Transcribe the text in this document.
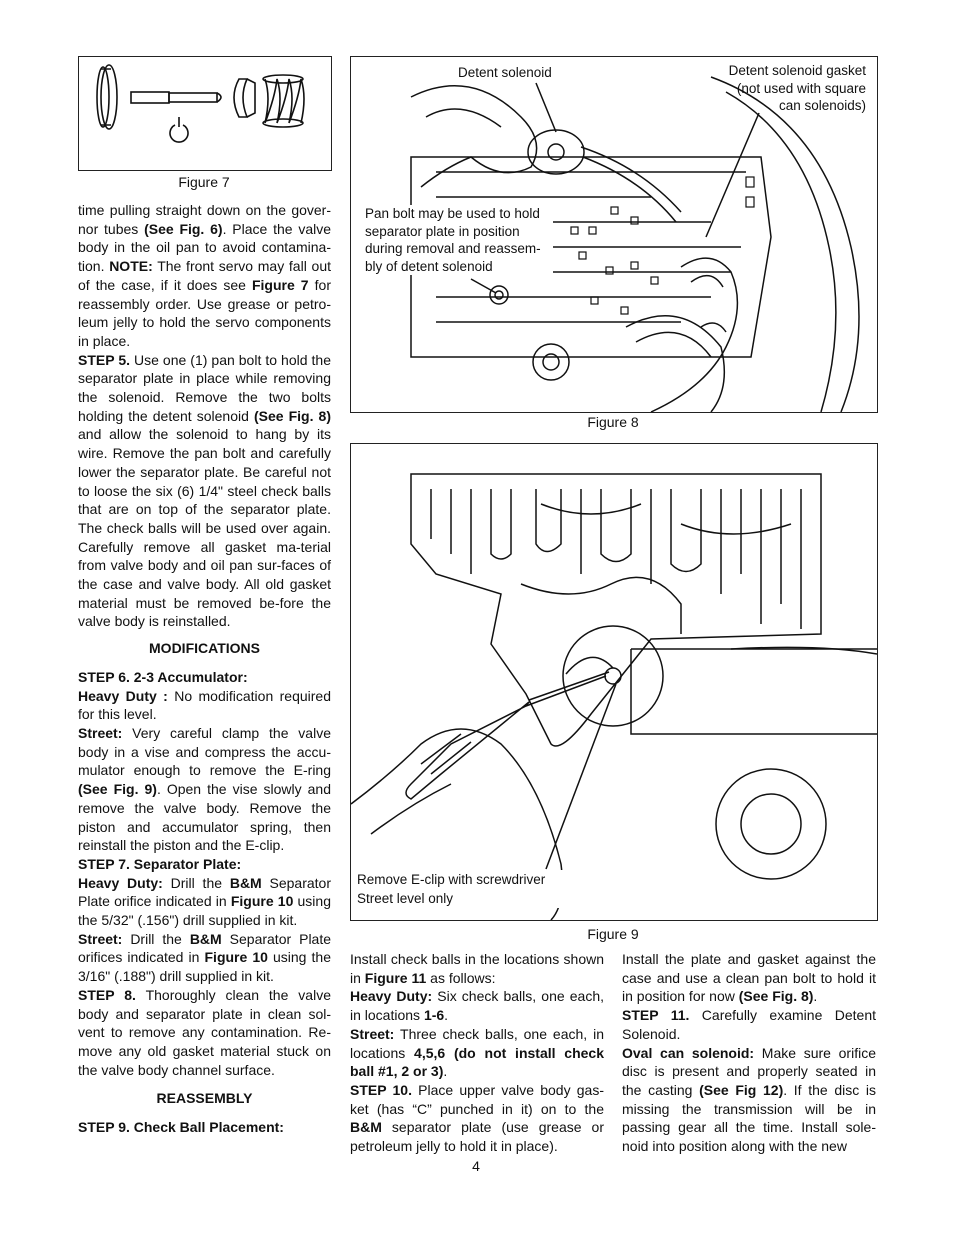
Figure 7
Detent solenoid	Detent solenoid gasket
(not used with square
can solenoids)
Pan bolt may be used to hold
separator plate in position
during removal and reassem-
bly of detent solenoid
Figure 8
Remove E-clip with screwdriver
Street level only
Figure 9

time pulling straight down on the gover-nor tubes (See Fig. 6). Place the valve body in the oil pan to avoid contamina-tion. NOTE: The front servo may fall out of the case, if it does see Figure 7 for reassembly order. Use grease or petro-leum jelly to hold the servo components in place.

STEP 5. Use one (1) pan bolt to hold the separator plate in place while removing the solenoid. Remove the two bolts holding the detent solenoid (See Fig. 8) and allow the solenoid to hang by its wire. Remove the pan bolt and carefully lower the separator plate. Be careful not to loose the six (6) 1/4" steel check balls that are on top of the separator plate. The check balls will be used over again. Carefully remove all gasket ma-terial from valve body and oil pan sur-faces of the case and valve body. All old gasket material must be removed be-fore the valve body is reinstalled.

MODIFICATIONS

STEP 6. 2-3 Accumulator:

Heavy Duty : No modification required for this level.

Street: Very careful clamp the valve body in a vise and compress the accu-mulator enough to remove the E-ring (See Fig. 9). Open the vise slowly and remove the valve body. Remove the piston and accumulator spring, then reinstall the piston and the E-clip.

STEP 7. Separator Plate:

Heavy Duty: Drill the B&M Separator Plate orifice indicated in Figure 10 using the 5/32" (.156") drill supplied in kit.

Street: Drill the B&M Separator Plate orifices indicated in Figure 10 using the 3/16" (.188") drill supplied in kit.

STEP 8. Thoroughly clean the valve body and separator plate in clean sol-vent to remove any contamination. Re-move any old gasket material stuck on the valve body channel surface.

REASSEMBLY

STEP 9. Check Ball Placement:

Install check balls in the locations shown in Figure 11 as follows:

Heavy Duty: Six check balls, one each, in locations 1-6.

Street: Three check balls, one each, in locations 4,5,6 (do not install check ball #1, 2 or 3).

STEP 10. Place upper valve body gas-ket (has “C” punched in it) on to the B&M separator plate (use grease or petroleum jelly to hold it in place).

Install the plate and gasket against the case and use a clean pan bolt to hold it in position for now (See Fig. 8).

STEP 11. Carefully examine Detent Solenoid.

Oval can solenoid: Make sure orifice disc is present and properly seated in the casting (See Fig 12). If the disc is missing the transmission will be in passing gear all the time. Install sole-noid into position along with the new

4
